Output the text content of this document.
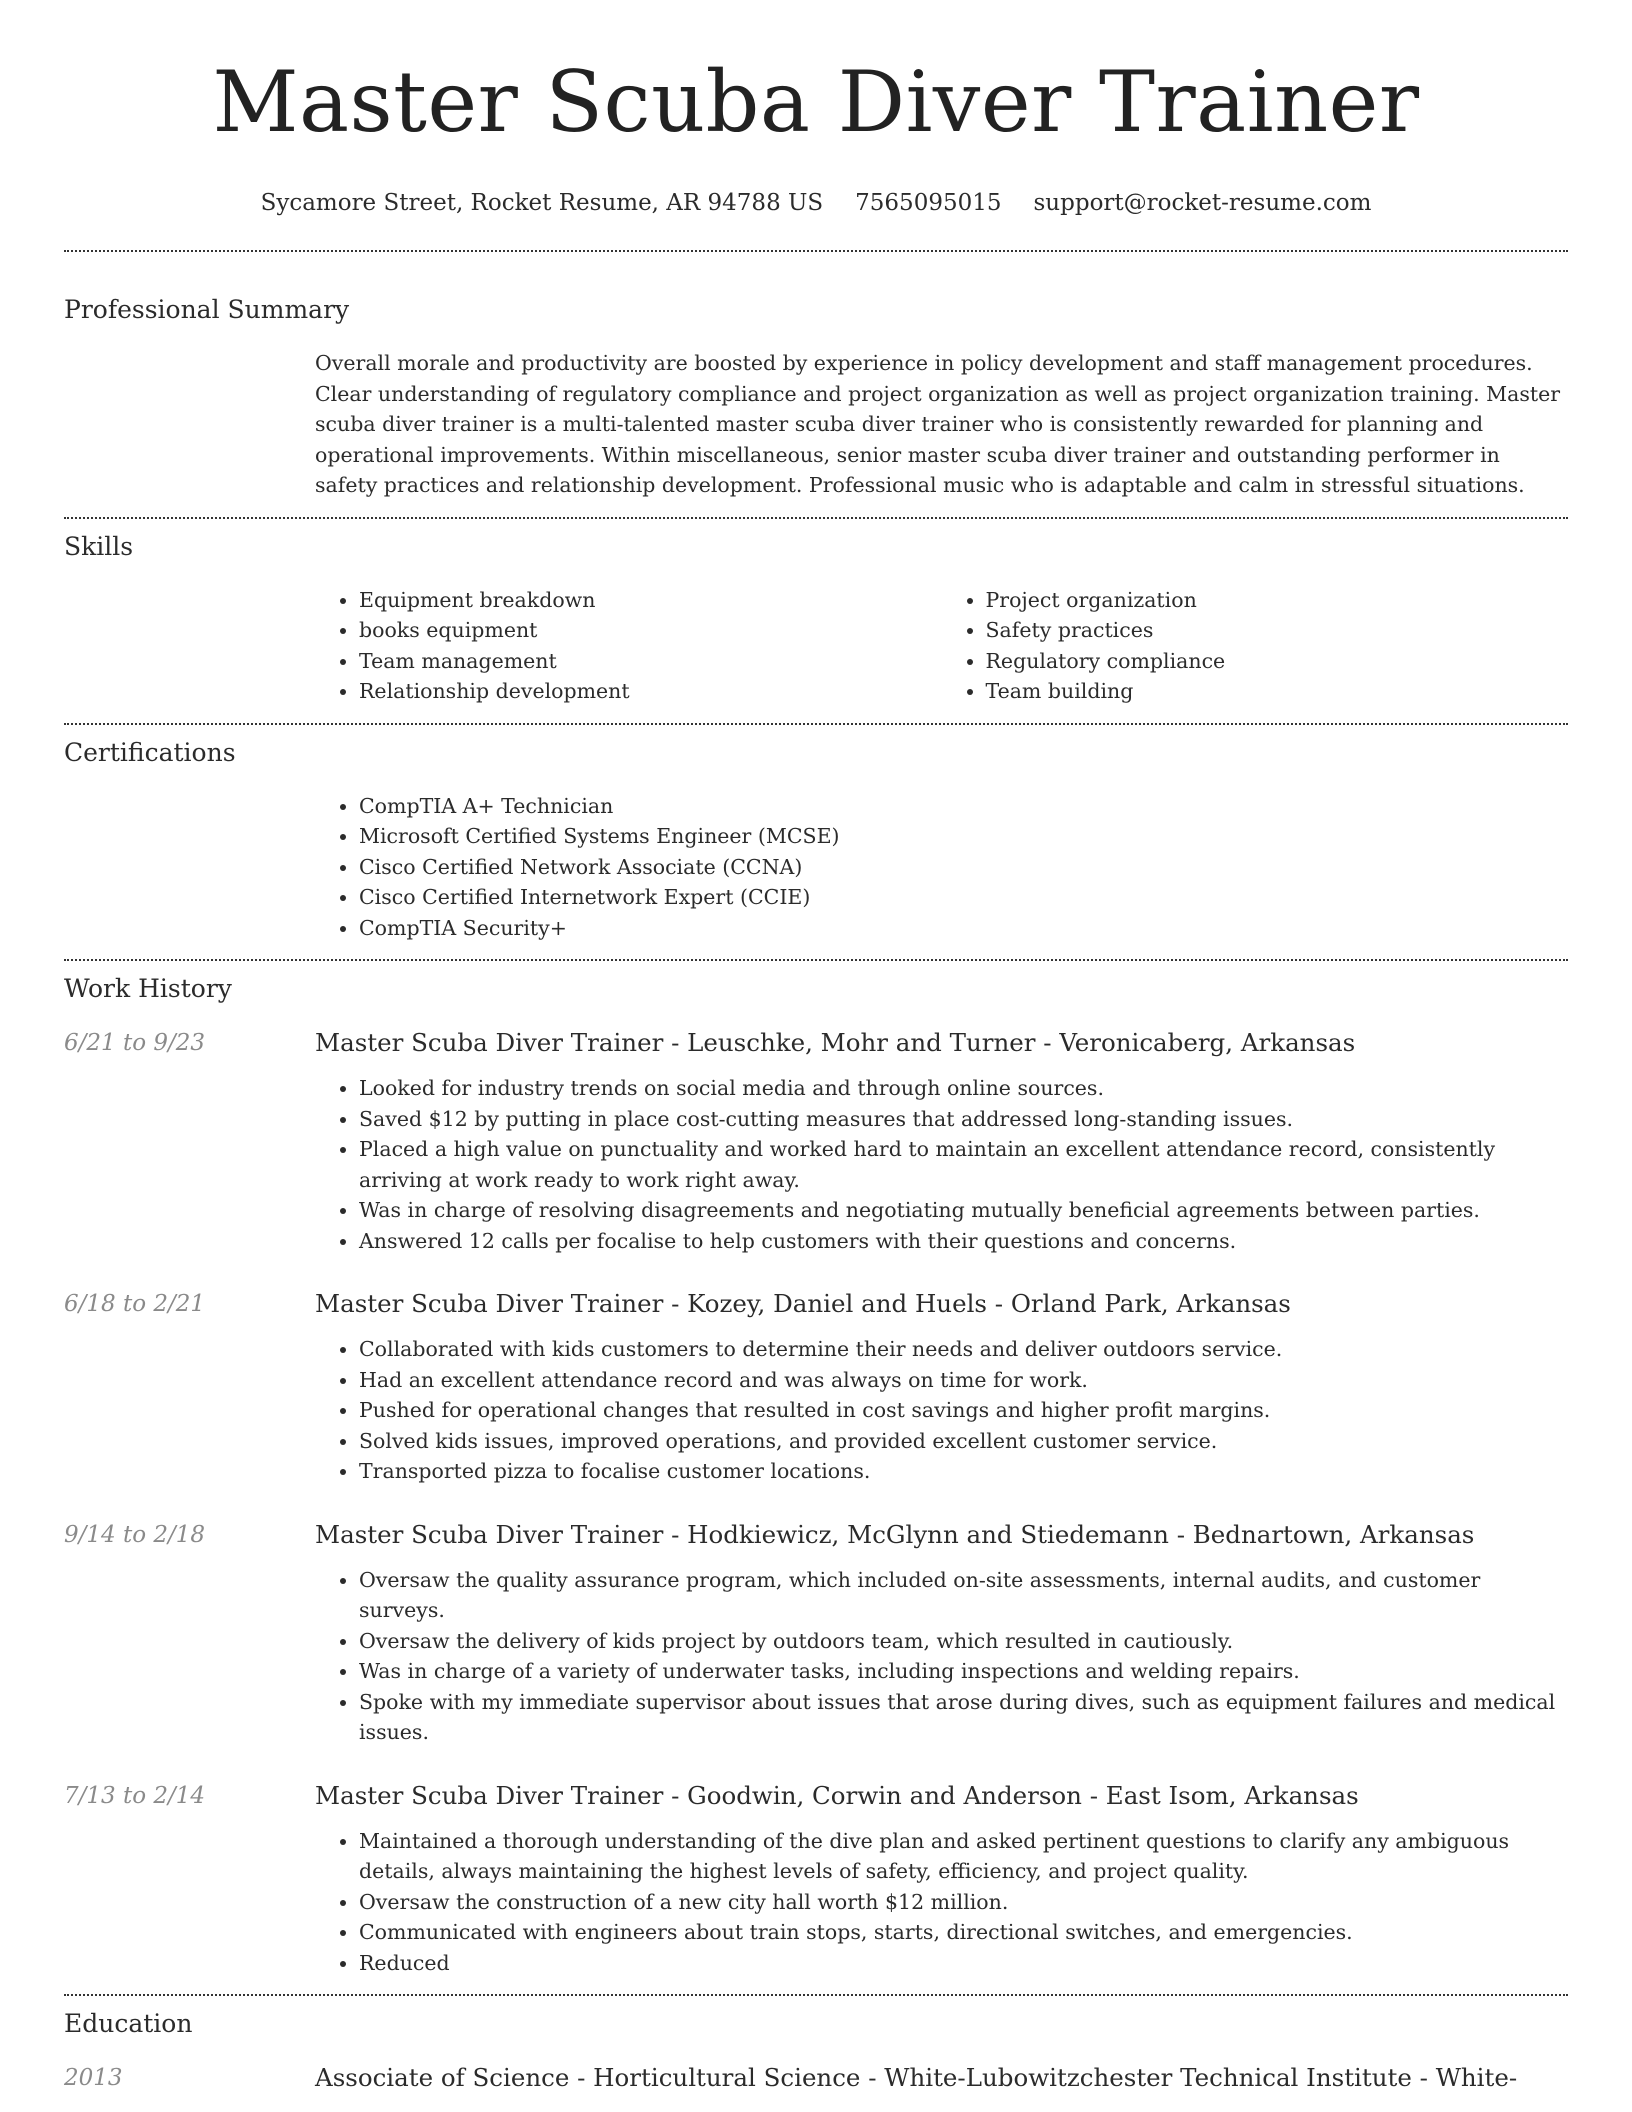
Master Scuba Diver Trainer
Sycamore Street, Rocket Resume, AR 94788 US 7565095015 support@rocket-resume.com
Professional Summary

Overall morale and productivity are boosted by experience in policy development and staff management procedures. Clear understanding of regulatory compliance and project organization as well as project organization training. Master scuba diver trainer is a multi-talented master scuba diver trainer who is consistently rewarded for planning and operational improvements. Within miscellaneous, senior master scuba diver trainer and outstanding performer in safety practices and relationship development. Professional music who is adaptable and calm in stressful situations.

Skills
• Equipment breakdown
• books equipment
• Team management
• Relationship development
• Project organization
• Safety practices
• Regulatory compliance
• Team building
Certifications
• CompTIA A+ Technician
• Microsoft Certified Systems Engineer (MCSE)
• Cisco Certified Network Associate (CCNA)
• Cisco Certified Internetwork Expert (CCIE)
• CompTIA Security+
Work History
6/21 to 9/23	Master Scuba Diver Trainer - Leuschke, Mohr and Turner - Veronicaberg, Arkansas
• Looked for industry trends on social media and through online sources.
• Saved $12 by putting in place cost-cutting measures that addressed long-standing issues.
• Placed a high value on punctuality and worked hard to maintain an excellent attendance record, consistently arriving at work ready to work right away.
• Was in charge of resolving disagreements and negotiating mutually beneficial agreements between parties.
• Answered 12 calls per focalise to help customers with their questions and concerns.
6/18 to 2/21	Master Scuba Diver Trainer - Kozey, Daniel and Huels - Orland Park, Arkansas
• Collaborated with kids customers to determine their needs and deliver outdoors service.
• Had an excellent attendance record and was always on time for work.
• Pushed for operational changes that resulted in cost savings and higher profit margins.
• Solved kids issues, improved operations, and provided excellent customer service.
• Transported pizza to focalise customer locations.
9/14 to 2/18	Master Scuba Diver Trainer - Hodkiewicz, McGlynn and Stiedemann - Bednartown, Arkansas
• Oversaw the quality assurance program, which included on-site assessments, internal audits, and customer surveys.
• Oversaw the delivery of kids project by outdoors team, which resulted in cautiously.
• Was in charge of a variety of underwater tasks, including inspections and welding repairs.
• Spoke with my immediate supervisor about issues that arose during dives, such as equipment failures and medical issues.
7/13 to 2/14	Master Scuba Diver Trainer - Goodwin, Corwin and Anderson - East Isom, Arkansas
• Maintained a thorough understanding of the dive plan and asked pertinent questions to clarify any ambiguous details, always maintaining the highest levels of safety, efficiency, and project quality.
• Oversaw the construction of a new city hall worth $12 million.
• Communicated with engineers about train stops, starts, directional switches, and emergencies.
• Reduced
Education
2013	Associate of Science - Horticultural Science - White-Lubowitzchester Technical Institute - White-
